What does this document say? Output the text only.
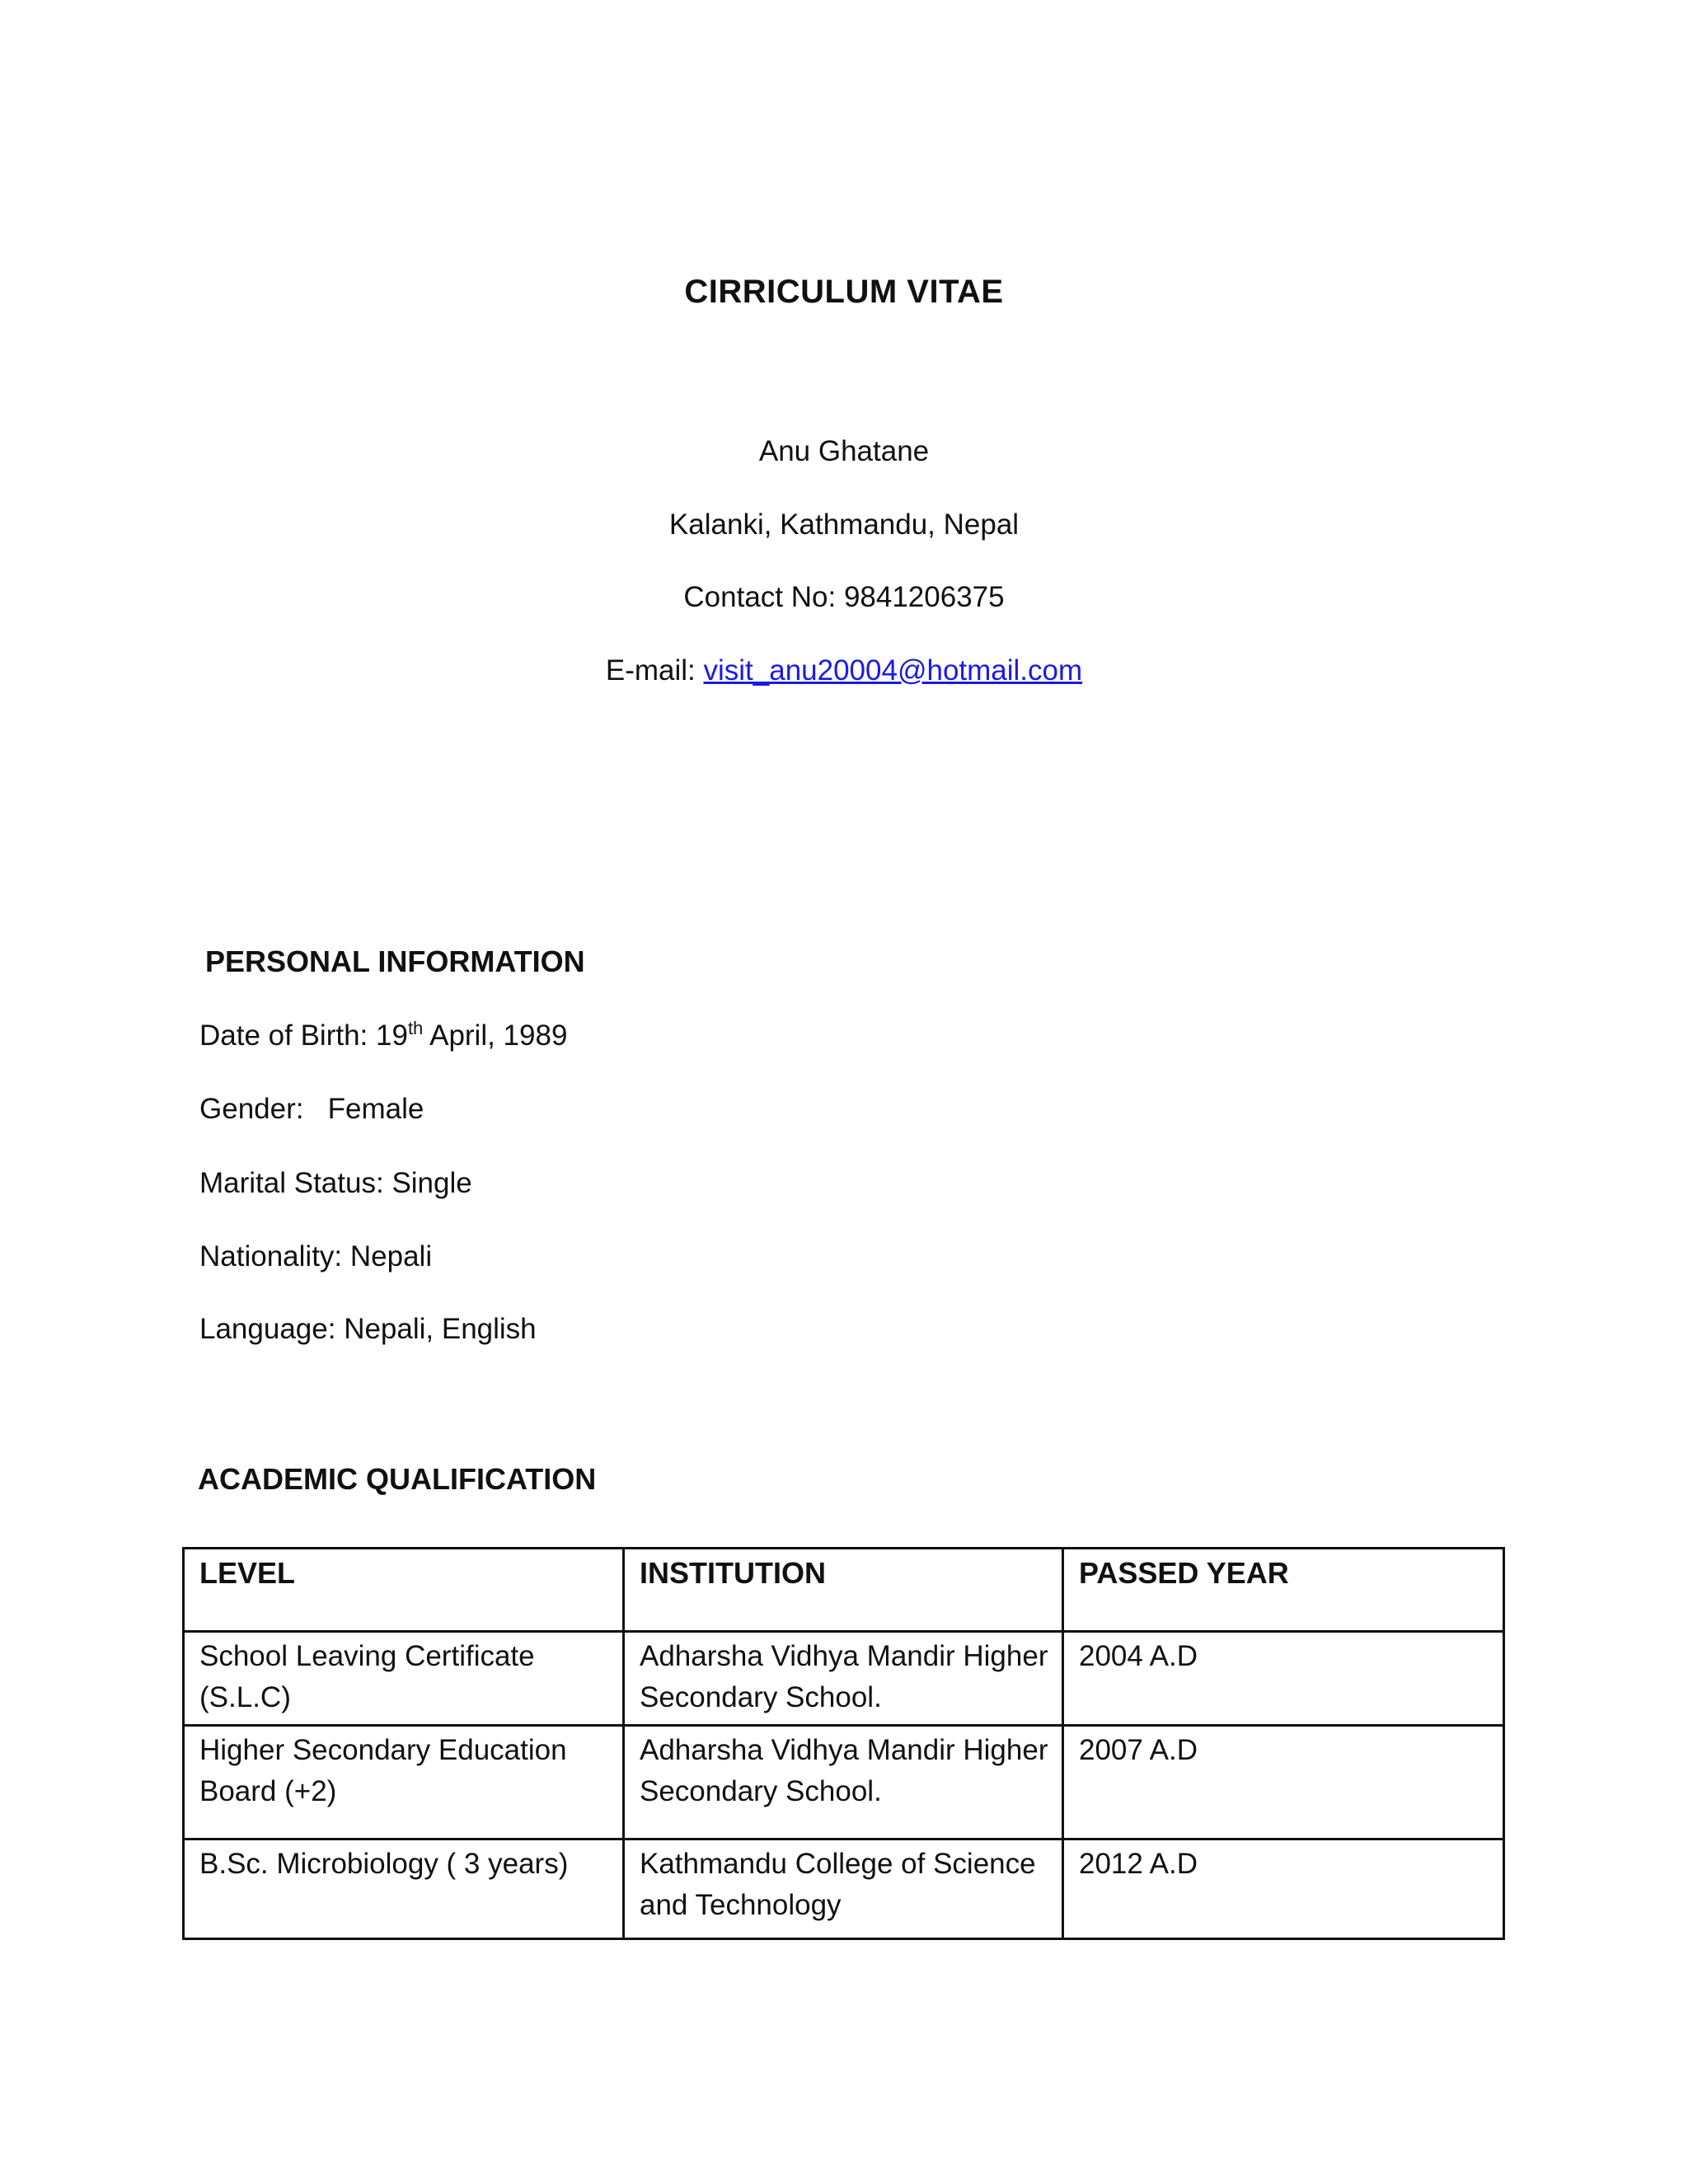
CIRRICULUM VITAE
Anu Ghatane
Kalanki, Kathmandu, Nepal
Contact No: 9841206375
E-mail: visit_anu20004@hotmail.com
PERSONAL INFORMATION
Date of Birth: 19th April, 1989
Gender: Female
Marital Status: Single
Nationality: Nepali
Language: Nepali, English
ACADEMIC QUALIFICATION
LEVEL	INSTITUTION	PASSED YEAR
School Leaving Certificate (S.L.C)	Adharsha Vidhya Mandir Higher Secondary School.	2004 A.D
Higher Secondary Education Board (+2)	Adharsha Vidhya Mandir Higher Secondary School.	2007 A.D
B.Sc. Microbiology ( 3 years)	Kathmandu College of Science and Technology	2012 A.D
